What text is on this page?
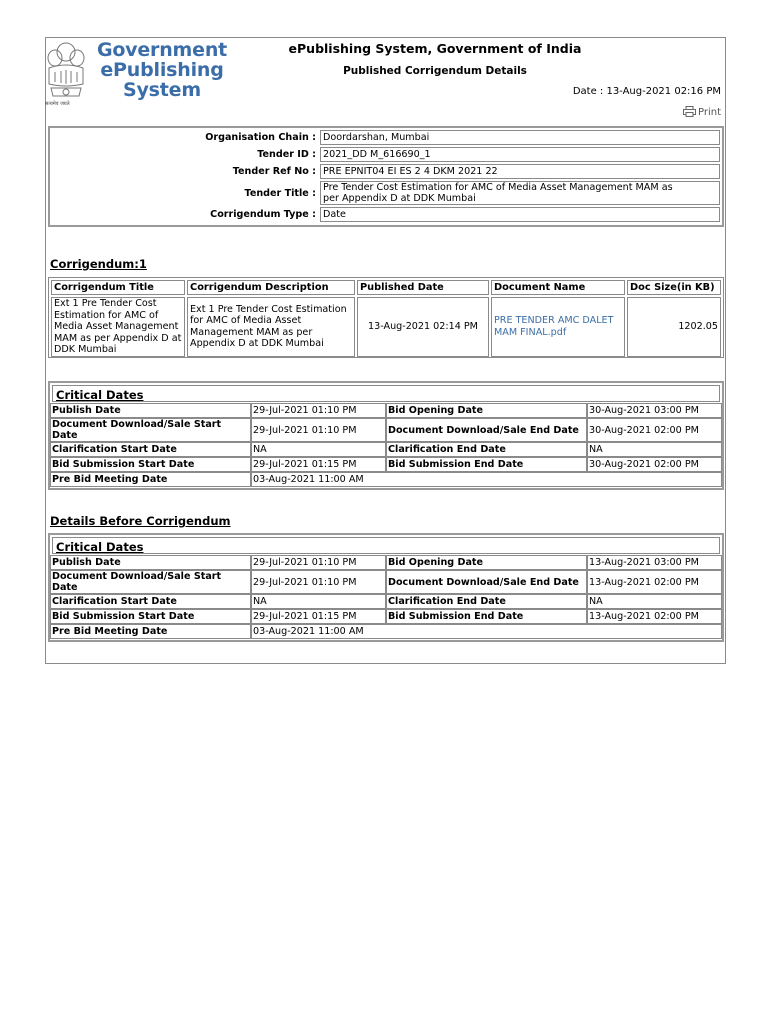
सत्यमेव जयते
Government
ePublishing
System
ePublishing System, Government of India
Published Corrigendum Details
Date : 13-Aug-2021 02:16 PM
Print
Organisation Chain :	Doordarshan, Mumbai
Tender ID :	2021_DD M_616690_1
Tender Ref No :	PRE EPNIT04 EI ES 2 4 DKM 2021 22
Tender Title :	Pre Tender Cost Estimation for AMC of Media Asset Management MAM as per Appendix D at DDK Mumbai
Corrigendum Type :	Date
Corrigendum:1
Corrigendum Title	Corrigendum Description	Published Date	Document Name	Doc Size(in KB)
Ext 1 Pre Tender Cost Estimation for AMC of Media Asset Management MAM as per Appendix D at DDK Mumbai	Ext 1 Pre Tender Cost Estimation for AMC of Media Asset Management MAM as per Appendix D at DDK Mumbai	13-Aug-2021 02:14 PM	PRE TENDER AMC DALET MAM FINAL.pdf	1202.05
Critical Dates
Publish Date	29-Jul-2021 01:10 PM	Bid Opening Date	30-Aug-2021 03:00 PM
Document Download/Sale Start Date	29-Jul-2021 01:10 PM	Document Download/Sale End Date	30-Aug-2021 02:00 PM
Clarification Start Date	NA	Clarification End Date	NA
Bid Submission Start Date	29-Jul-2021 01:15 PM	Bid Submission End Date	30-Aug-2021 02:00 PM
Pre Bid Meeting Date	03-Aug-2021 11:00 AM		
Details Before Corrigendum
Critical Dates
Publish Date	29-Jul-2021 01:10 PM	Bid Opening Date	13-Aug-2021 03:00 PM
Document Download/Sale Start Date	29-Jul-2021 01:10 PM	Document Download/Sale End Date	13-Aug-2021 02:00 PM
Clarification Start Date	NA	Clarification End Date	NA
Bid Submission Start Date	29-Jul-2021 01:15 PM	Bid Submission End Date	13-Aug-2021 02:00 PM
Pre Bid Meeting Date	03-Aug-2021 11:00 AM		
